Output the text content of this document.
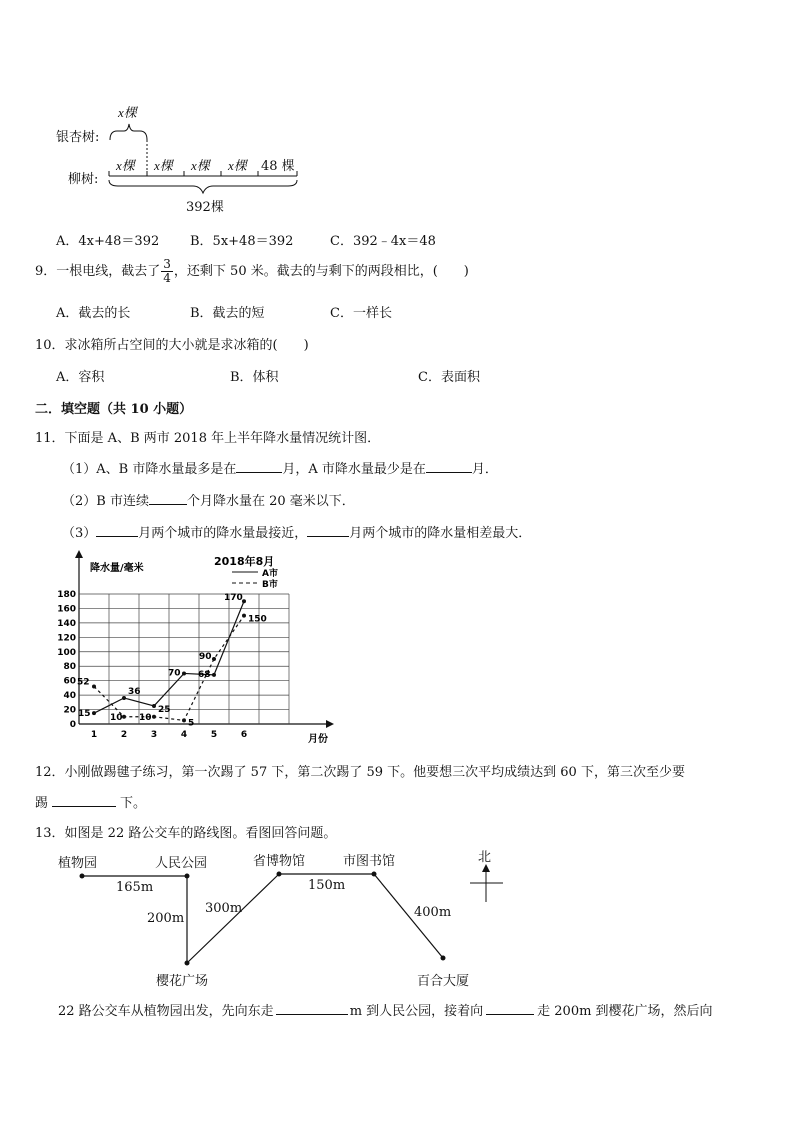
x棵
银杏树:
柳树:
x棵 x棵 x棵 x棵 48 棵
392棵
A．4x+48＝392 B．5x+48＝392	C．392﹣4x＝48
9．一根电线，截去了 $\frac{3}{4}$ ，还剩下 50 米。截去的与剩下的两段相比，(　　)
A．截去的长	B．截去的短	C．一样长
10．求冰箱所占空间的大小就是求冰箱的(　　)
A．容积	B．体积	C．表面积
二．填空题（共 10 小题）
11．下面是 A、B 两市 2018 年上半年降水量情况统计图．
（1）A、B 市降水量最多是在	月，A 市降水量最少是在	月．
（2）B 市连续	个月降水量在 20 毫米以下．
（3）	月两个城市的降水量最接近，	月两个城市的降水量相差最大．
降水量/毫米
2018年8月
A市
B市
月份
0
20
40
60
80
100
120
140
160
180
1	2	3	4	5	6
15
36
25
70 68
170
52
10 10
5
90
150
12．小刚做踢毽子练习，第一次踢了 57 下，第二次踢了 59 下。他要想三次平均成绩达到 60 下，第三次至少要
踢	下。
13．如图是 22 路公交车的路线图。看图回答问题。
植物园	人民公园	省博物馆	市图书馆
樱花广场	百合大厦
165m
200m
300m
150m
400m
北
22 路公交车从植物园出发，先向东走	m 到人民公园，接着向	走 200m 到樱花广场，然后向
